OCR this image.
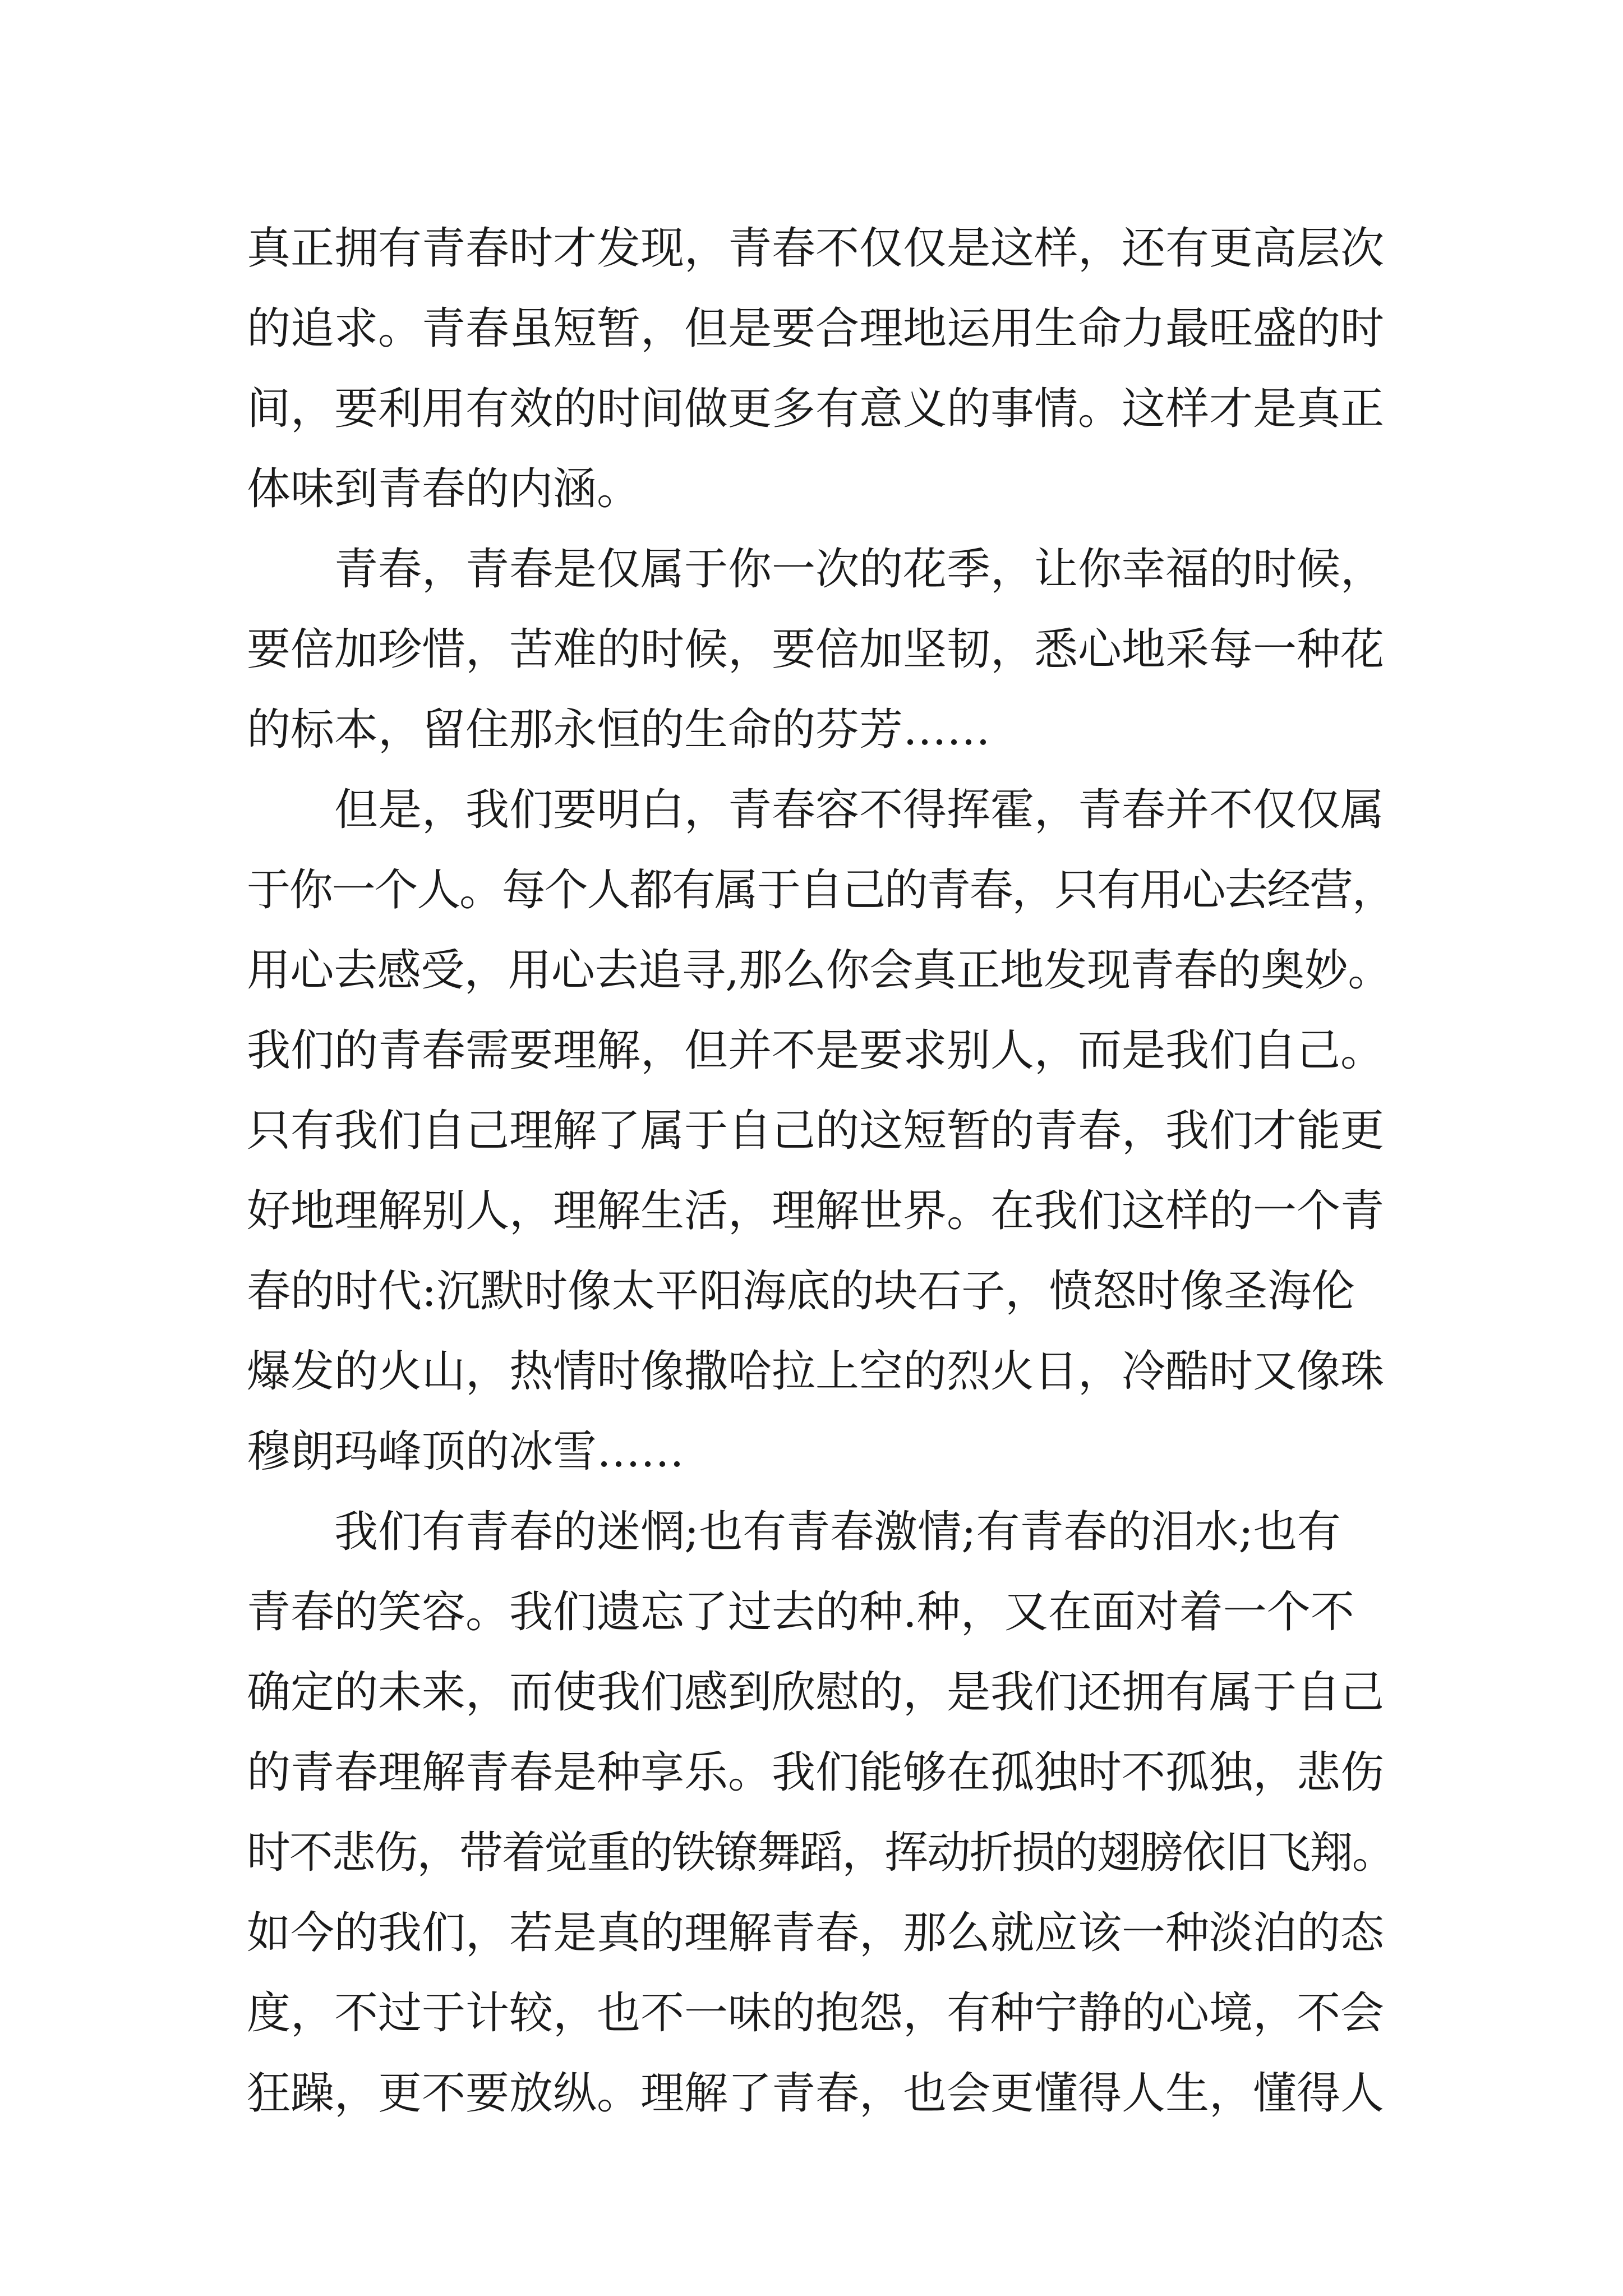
真正拥有青春时才发现，青春不仅仅是这样，还有更高层次
的追求。青春虽短暂，但是要合理地运用生命力最旺盛的时
间，要利用有效的时间做更多有意义的事情。这样才是真正
体味到青春的内涵。
青春，青春是仅属于你一次的花季，让你幸福的时候，
要倍加珍惜，苦难的时候，要倍加坚韧，悉心地采每一种花
的标本，留住那永恒的生命的芬芳……
但是，我们要明白，青春容不得挥霍，青春并不仅仅属
于你一个人。每个人都有属于自己的青春，只有用心去经营，
用心去感受，用心去追寻,那么你会真正地发现青春的奥妙。
我们的青春需要理解，但并不是要求别人，而是我们自己。
只有我们自己理解了属于自己的这短暂的青春，我们才能更
好地理解别人，理解生活，理解世界。在我们这样的一个青
春的时代:沉默时像太平阳海底的块石子，愤怒时像圣海伦
爆发的火山，热情时像撒哈拉上空的烈火日，冷酷时又像珠
穆朗玛峰顶的冰雪……
我们有青春的迷惘;也有青春激情;有青春的泪水;也有
青春的笑容。我们遗忘了过去的种.种，又在面对着一个不
确定的未来，而使我们感到欣慰的，是我们还拥有属于自己
的青春理解青春是种享乐。我们能够在孤独时不孤独，悲伤
时不悲伤，带着觉重的铁镣舞蹈，挥动折损的翅膀依旧飞翔。
如今的我们，若是真的理解青春，那么就应该一种淡泊的态
度，不过于计较，也不一味的抱怨，有种宁静的心境，不会
狂躁，更不要放纵。理解了青春，也会更懂得人生，懂得人
